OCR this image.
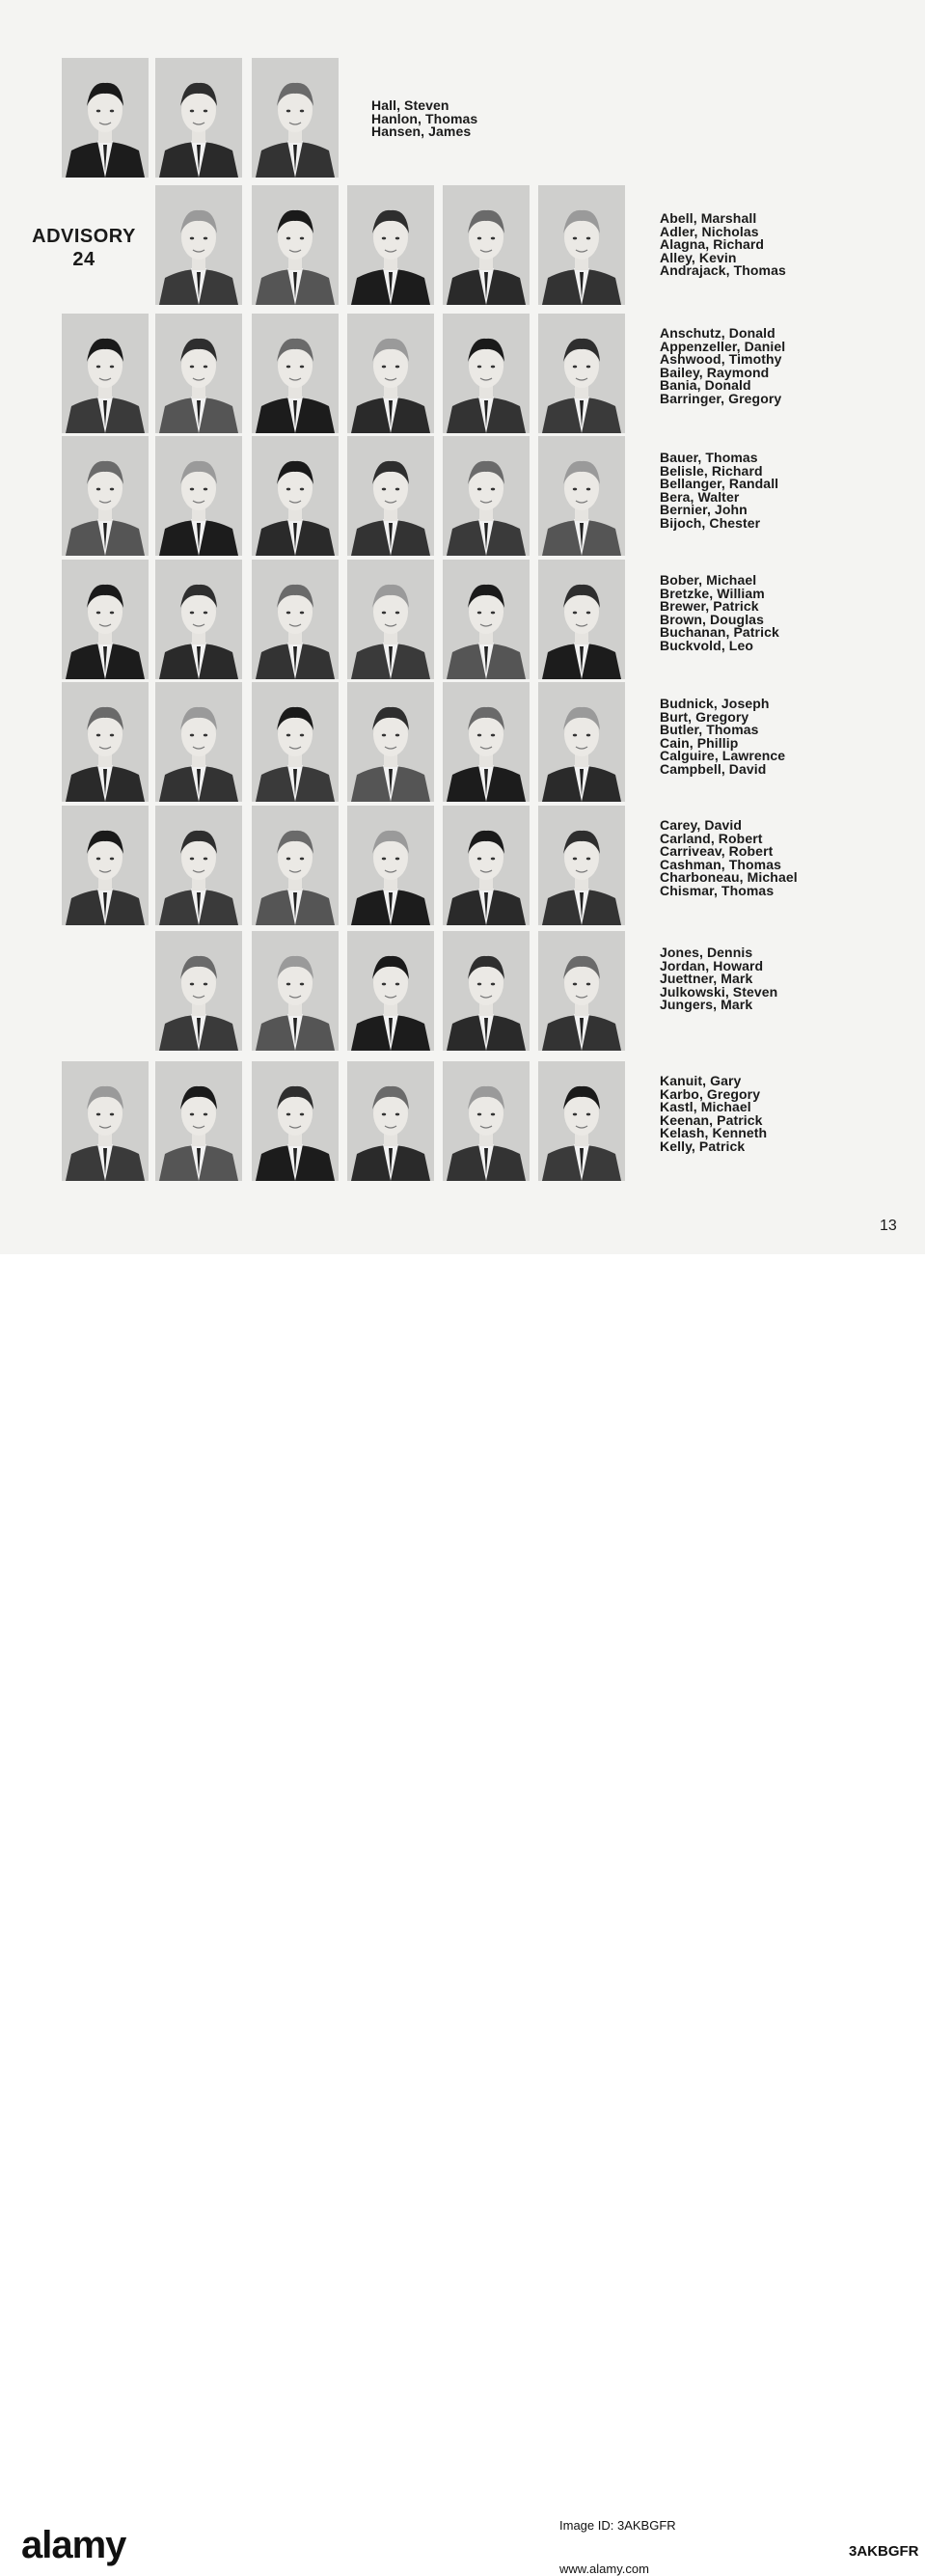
ADVISORY
24
Hall, Steven
Hanlon, Thomas
Hansen, James
Abell, Marshall
Adler, Nicholas
Alagna, Richard
Alley, Kevin
Andrajack, Thomas
Anschutz, Donald
Appenzeller, Daniel
Ashwood, Timothy
Bailey, Raymond
Bania, Donald
Barringer, Gregory
Bauer, Thomas
Belisle, Richard
Bellanger, Randall
Bera, Walter
Bernier, John
Bijoch, Chester
Bober, Michael
Bretzke, William
Brewer, Patrick
Brown, Douglas
Buchanan, Patrick
Buckvold, Leo
Budnick, Joseph
Burt, Gregory
Butler, Thomas
Cain, Phillip
Calguire, Lawrence
Campbell, David
Carey, David
Carland, Robert
Carriveav, Robert
Cashman, Thomas
Charboneau, Michael
Chismar, Thomas
Jones, Dennis
Jordan, Howard
Juettner, Mark
Julkowski, Steven
Jungers, Mark
Kanuit, Gary
Karbo, Gregory
Kastl, Michael
Keenan, Patrick
Kelash, Kenneth
Kelly, Patrick
13
alamy	Image ID: 3AKBGFR
www.alamy.com
3AKBGFR
